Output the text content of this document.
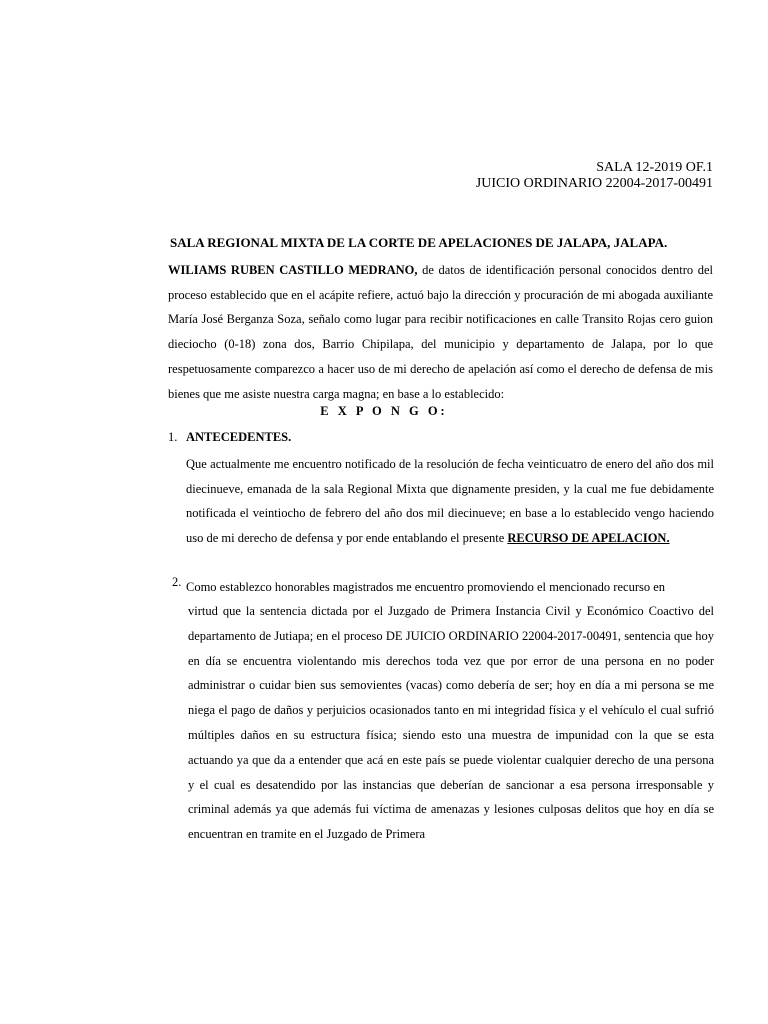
SALA 12-2019 OF.1
JUICIO ORDINARIO 22004-2017-00491
SALA REGIONAL MIXTA DE LA CORTE DE APELACIONES DE JALAPA, JALAPA.
WILIAMS RUBEN CASTILLO MEDRANO, de datos de identificación personal conocidos dentro del proceso establecido que en el acápite refiere, actuó bajo la dirección y procuración de mi abogada auxiliante María José Berganza Soza, señalo como lugar para recibir notificaciones en calle Transito Rojas cero guion dieciocho (0-18) zona dos, Barrio Chipilapa, del municipio y departamento de Jalapa, por lo que respetuosamente comparezco a hacer uso de mi derecho de apelación así como el derecho de defensa de mis bienes que me asiste nuestra carga magna; en base a lo establecido:
E X P O N G O:
1. ANTECEDENTES.
Que actualmente me encuentro notificado de la resolución de fecha veinticuatro de enero del año dos mil diecinueve, emanada de la sala Regional Mixta que dignamente presiden, y la cual me fue debidamente notificada el veintiocho de febrero del año dos mil diecinueve; en base a lo establecido vengo haciendo uso de mi derecho de defensa y por ende entablando el presente RECURSO DE APELACION.
2. Como establezco honorables magistrados me encuentro promoviendo el mencionado recurso en
virtud que la sentencia dictada por el Juzgado de Primera Instancia Civil y Económico Coactivo del departamento de Jutiapa; en el proceso DE JUICIO ORDINARIO 22004-2017-00491, sentencia que hoy en día se encuentra violentando mis derechos toda vez que por error de una persona en no poder administrar o cuidar bien sus semovientes (vacas) como debería de ser; hoy en día a mi persona se me niega el pago de daños y perjuicios ocasionados tanto en mi integridad física y el vehículo el cual sufrió múltiples daños en su estructura física; siendo esto una muestra de impunidad con la que se esta actuando ya que da a entender que acá en este país se puede violentar cualquier derecho de una persona y el cual es desatendido por las instancias que deberían de sancionar a esa persona irresponsable y criminal además ya que además fui víctima de amenazas y lesiones culposas delitos que hoy en día se encuentran en tramite en el Juzgado de Primera
